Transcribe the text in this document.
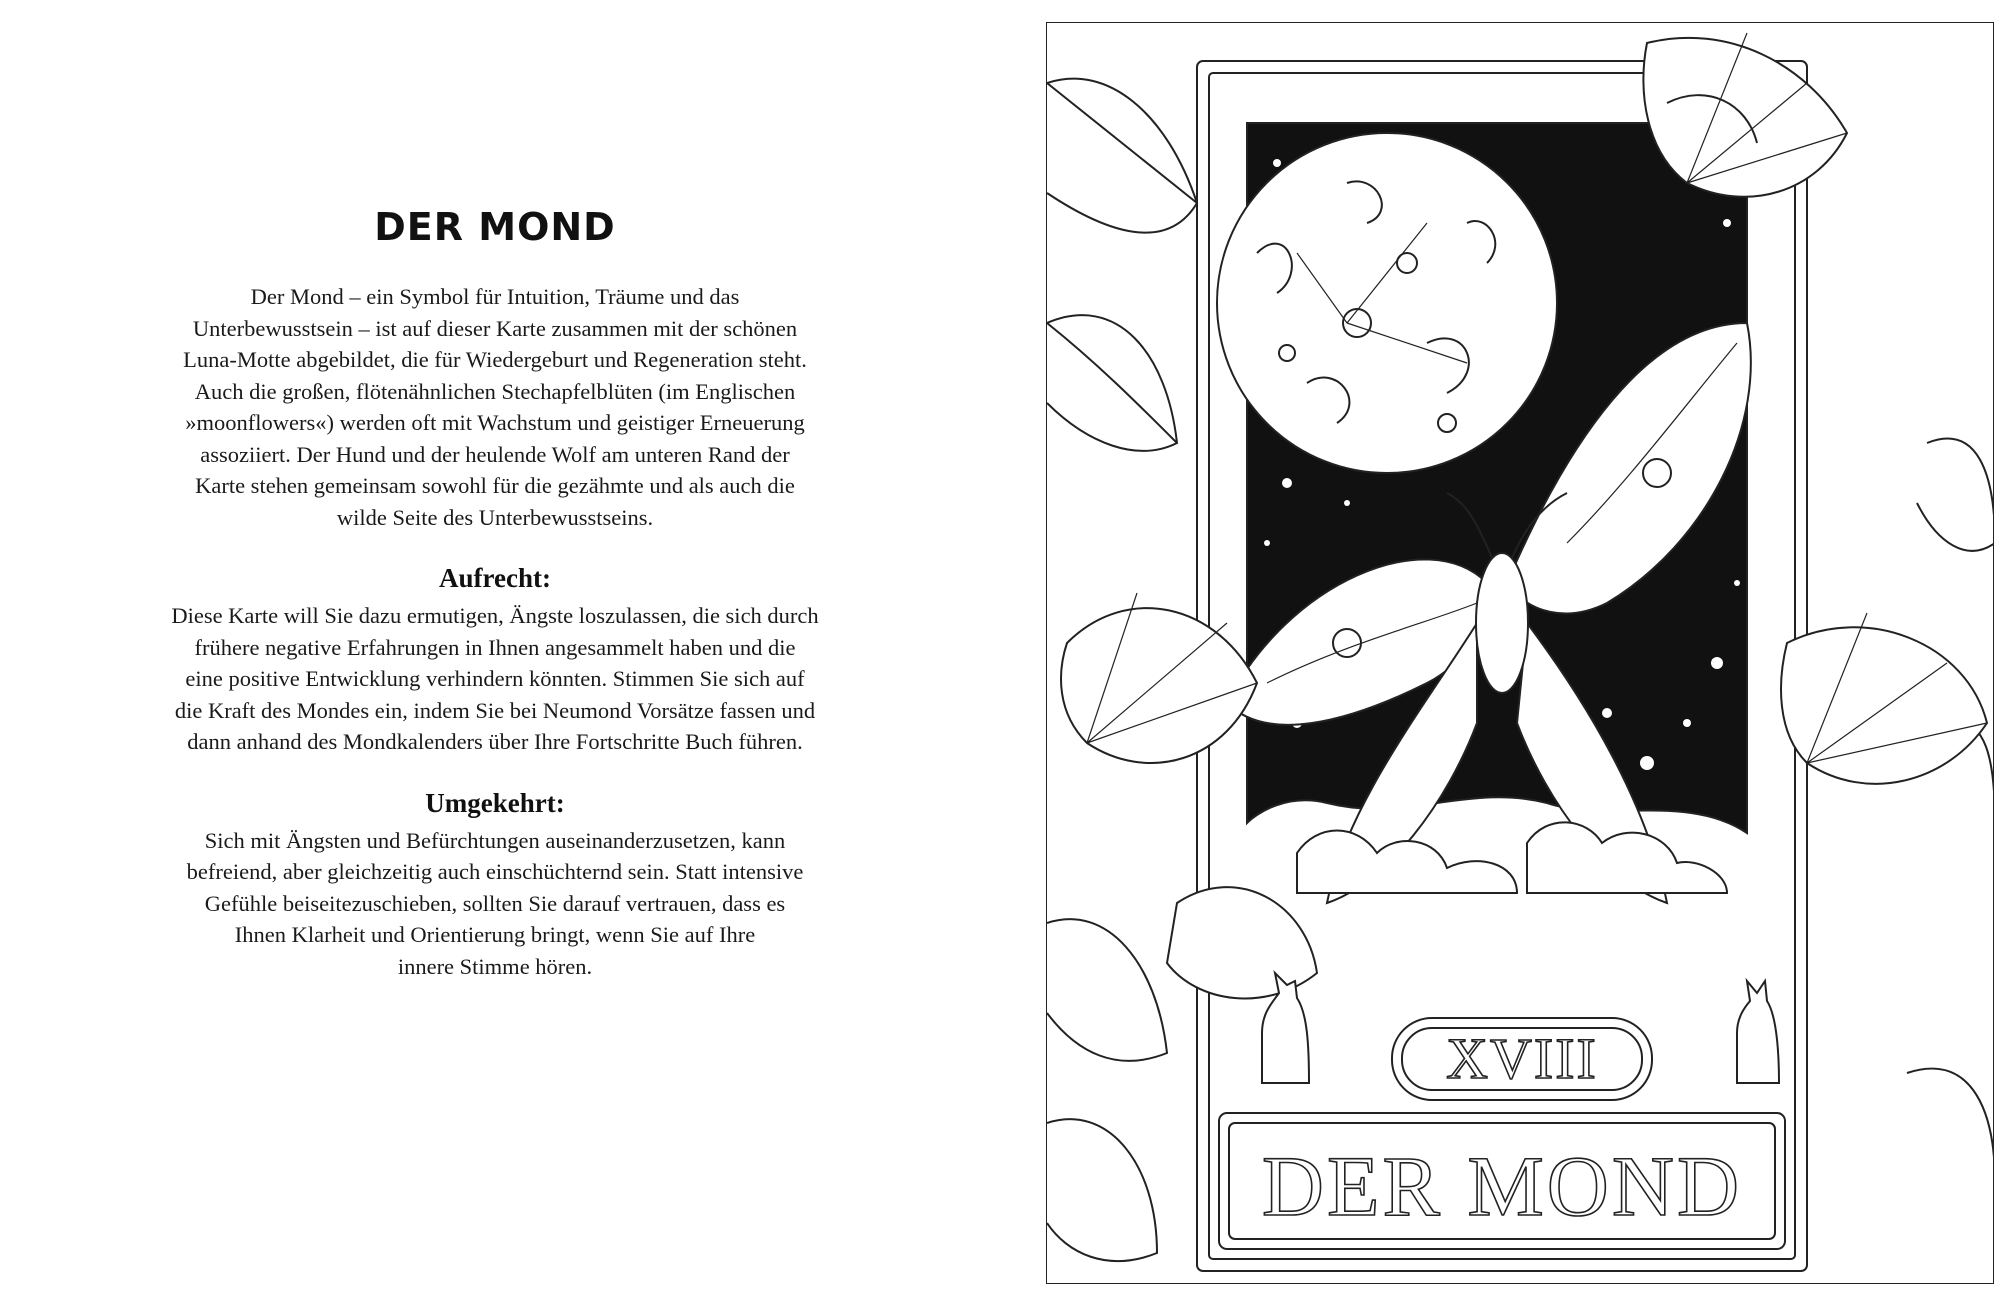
DER MOND

Der Mond – ein Symbol für Intuition, Träume und das
Unterbewusstsein – ist auf dieser Karte zusammen mit der schönen
Luna-Motte abgebildet, die für Wiedergeburt und Regeneration steht.
Auch die großen, flötenähnlichen Stechapfelblüten (im Englischen
»moonflowers«) werden oft mit Wachstum und geistiger Erneuerung
assoziiert. Der Hund und der heulende Wolf am unteren Rand der
Karte stehen gemeinsam sowohl für die gezähmte und als auch die
wilde Seite des Unterbewusstseins.

Aufrecht:

Diese Karte will Sie dazu ermutigen, Ängste loszulassen, die sich durch
frühere negative Erfahrungen in Ihnen angesammelt haben und die
eine positive Entwicklung verhindern könnten. Stimmen Sie sich auf
die Kraft des Mondes ein, indem Sie bei Neumond Vorsätze fassen und
dann anhand des Mondkalenders über Ihre Fortschritte Buch führen.

Umgekehrt:

Sich mit Ängsten und Befürchtungen auseinanderzusetzen, kann
befreiend, aber gleichzeitig auch einschüchternd sein. Statt intensive
Gefühle beiseitezuschieben, sollten Sie darauf vertrauen, dass es
Ihnen Klarheit und Orientierung bringt, wenn Sie auf Ihre
innere Stimme hören.

XVIII
DER MOND
